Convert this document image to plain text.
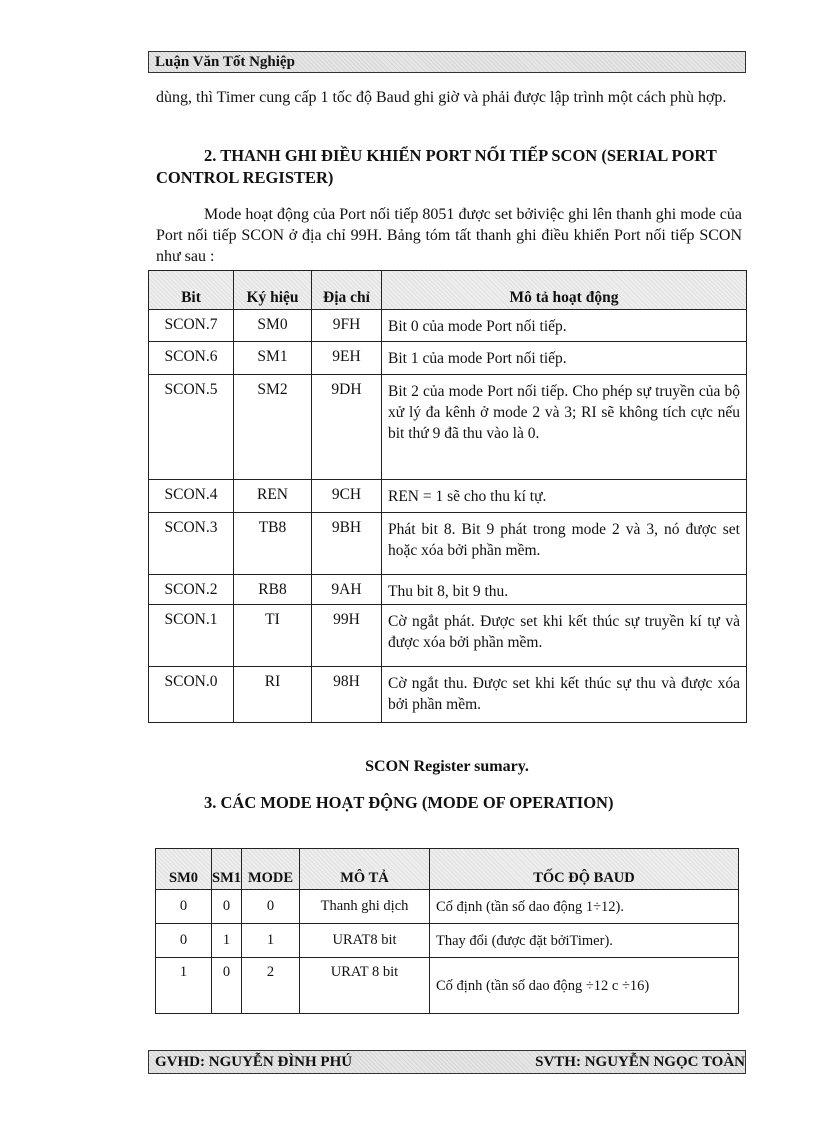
Luận Văn Tốt Nghiệp

dùng, thì Timer cung cấp 1 tốc độ Baud ghi giờ và phải được lập trình một cách phù hợp.

2. THANH GHI ĐIỀU KHIỂN PORT NỐI TIẾP SCON (SERIAL PORT CONTROL REGISTER)

Mode hoạt động của Port nối tiếp 8051 được set bởiviệc ghi lên thanh ghi mode của Port nối tiếp SCON ở địa chỉ 99H. Bảng tóm tất thanh ghi điều khiển Port nối tiếp SCON như sau :

Bit	Ký hiệu	Địa chỉ	Mô tả hoạt động
SCON.7	SM0	9FH	Bit 0 của mode Port nối tiếp.
SCON.6	SM1	9EH	Bit 1 của mode Port nối tiếp.
SCON.5	SM2	9DH	Bit 2 của mode Port nối tiếp. Cho phép sự truyền của bộ xử lý đa kênh ở mode 2 và 3; RI sẽ không tích cực nếu bit thứ 9 đã thu vào là 0.
SCON.4	REN	9CH	REN = 1 sẽ cho thu kí tự.
SCON.3	TB8	9BH	Phát bit 8. Bit 9 phát trong mode 2 và 3, nó được set hoặc xóa bởi phần mềm.
SCON.2	RB8	9AH	Thu bit 8, bit 9 thu.
SCON.1	TI	99H	Cờ ngắt phát. Được set khi kết thúc sự truyền kí tự và được xóa bởi phần mềm.
SCON.0	RI	98H	Cờ ngắt thu. Được set khi kết thúc sự thu và được xóa bởi phần mềm.
SCON Register sumary.

3. CÁC MODE HOẠT ĐỘNG (MODE OF OPERATION)

SM0	SM1	MODE	MÔ TẢ	TỐC ĐỘ BAUD
0	0	0	Thanh ghi dịch	Cố định (tần số dao động 1÷12).
0	1	1	URAT8 bit	Thay đổi (được đặt bởiTimer).
1	0	2	URAT 8 bit	Cố định (tần số dao động ÷12 c ÷16)
GVHD: NGUYỄN ĐÌNH PHÚ	SVTH: NGUYỄN NGỌC TOÀN
